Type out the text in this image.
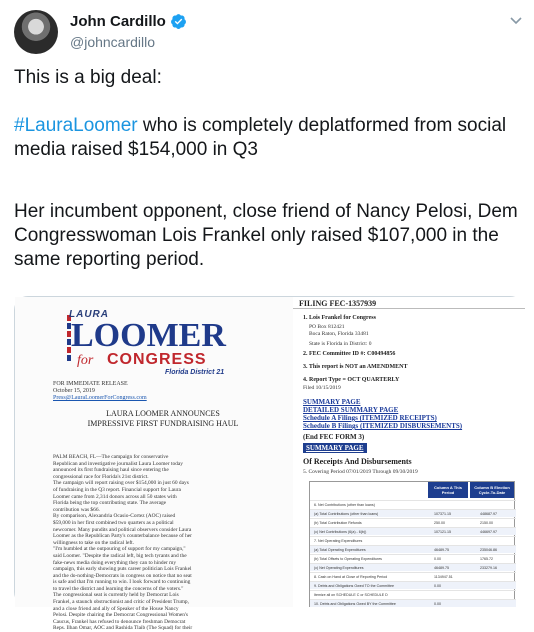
John Cardillo
@johncardillo

This is a big deal:

#LauraLoomer who is completely deplatformed from social media raised $154,000 in Q3

Her incumbent opponent, close friend of Nancy Pelosi, Dem Congresswoman Lois Frankel only raised $107,000 in the same reporting period.

LAURA
LOOMER
for CONGRESS
Florida District 21
FOR IMMEDIATE RELEASE
October 15, 2019
Press@LauraLoomerForCongress.com
LAURA LOOMER ANNOUNCES
IMPRESSIVE FIRST FUNDRAISING HAUL
PALM BEACH, FL—The campaign for conservative
Republican and investigative journalist Laura Loomer today
announced its first fundraising haul since entering the
congressional race for Florida's 21st district.
The campaign will report raising over $154,000 in just 60 days
of fundraising in the Q3 report. Financial support for Laura
Loomer came from 2,314 donors across all 50 states with
Florida being the top contributing state. The average
contribution was $66.
By comparison, Alexandria Ocasio-Cortez (AOC) raised
$59,000 in her first combined two quarters as a political
newcomer. Many pundits and political observers consider Laura
Loomer as the Republican Party's counterbalance because of her
willingness to take on the radical left.
"I'm humbled at the outpouring of support for my campaign,"
said Loomer. "Despite the radical left, big tech tyrants and the
fake-news media doing everything they can to hinder my
campaign, this early showing puts career politician Lois Frankel
and the do-nothing-Democrats in congress on notice that no seat
is safe and that I'm running to win. I look forward to continuing
to travel the district and learning the concerns of the voters."
The congressional seat is currently held by Democrat Lois
Frankel, a staunch obstructionist and critic of President Trump,
and a close friend and ally of Speaker of the House Nancy
Pelosi. Despite chairing the Democrat Congressional Women's
Caucus, Frankel has refused to denounce freshman Democrat
Reps. Ilhan Omar, AOC and Rashida Tlaib (The Squad) for their
FILING FEC-1357939
1. Lois Frankel for Congress
PO Box 812421
Boca Raton, Florida 33481
State is Florida in District: 0
2. FEC Committee ID #: C00494856
3. This report is NOT an AMENDMENT
4. Report Type = OCT QUARTERLY
Filed 10/15/2019
SUMMARY PAGE
DETAILED SUMMARY PAGE
Schedule A Filings (ITEMIZED RECEIPTS)
Schedule B Filings (ITEMIZED DISBURSEMENTS)
(End FEC FORM 3)
SUMMARY PAGE
Of Receipts And Disbursements
5. Covering Period 07/01/2019 Through 09/30/2019
Column A This Period
Column B Election Cycle-To-Date
6. Net Contributions (other than loans)
(a) Total Contributions (other than loans)	107371.15	448687.97
(b) Total Contribution Refunds	250.00	2150.00
(c) Net Contributions (6(a) - 6(b))	107121.15	446697.97
7. Net Operating Expenditures
(a) Total Operating Expenditures	46489.75	235046.86
(b) Total Offsets to Operating Expenditures	0.00	1765.72
(c) Net Operating Expenditures	46489.75	233279.16
8. Cash on Hand at Close of Reporting Period	1134947.51
9. Debts and Obligations Owed TO the Committee	0.00
Itemize all on SCHEDULE C or SCHEDULE D
10. Debts and Obligations Owed BY the Committee	0.00
